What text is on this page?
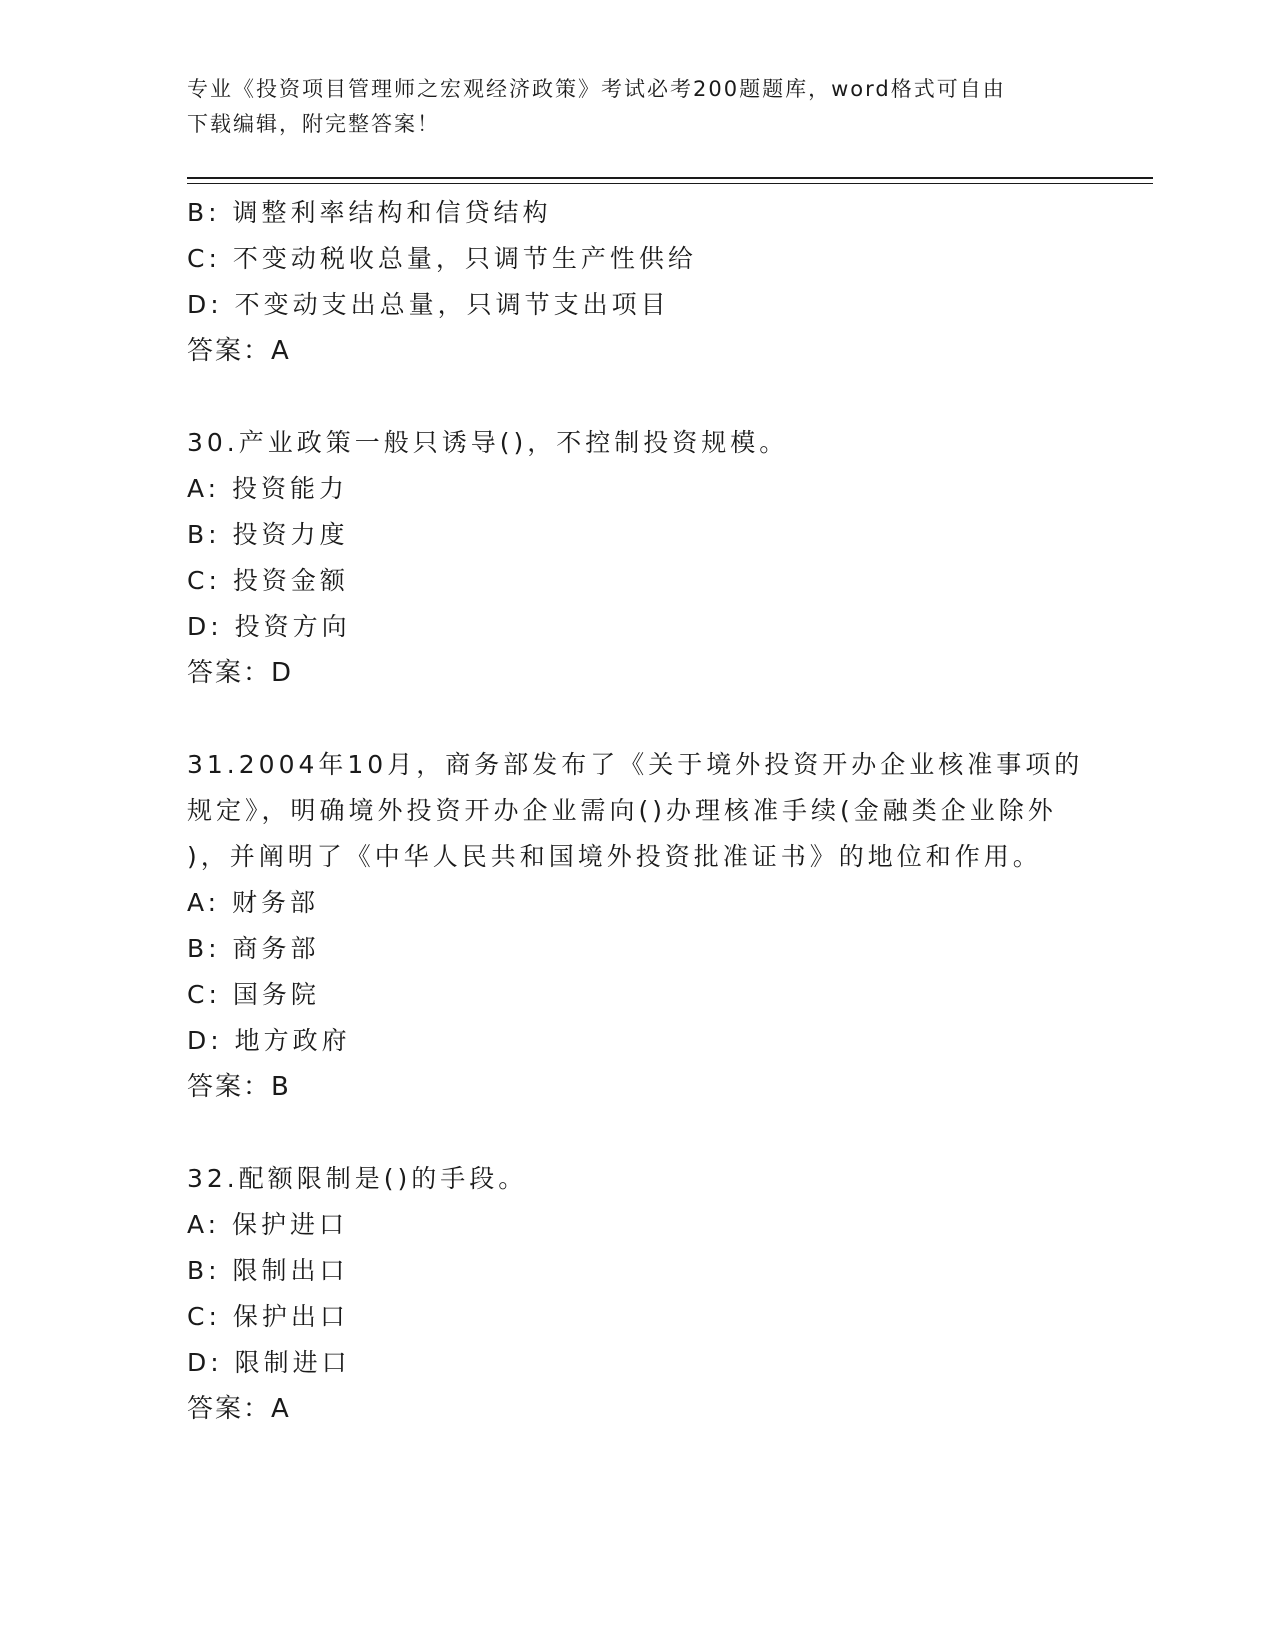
专业《投资项目管理师之宏观经济政策》考试必考200题题库，word格式可自由
下载编辑，附完整答案！
B: 调整利率结构和信贷结构
C: 不变动税收总量，只调节生产性供给
D: 不变动支出总量，只调节支出项目
答案：A
30.产业政策一般只诱导()，不控制投资规模。
A: 投资能力
B: 投资力度
C: 投资金额
D: 投资方向
答案：D
31.2004年10月，商务部发布了《关于境外投资开办企业核准事项的
规定》，明确境外投资开办企业需向()办理核准手续(金融类企业除外
)，并阐明了《中华人民共和国境外投资批准证书》的地位和作用。
A: 财务部
B: 商务部
C: 国务院
D: 地方政府
答案：B
32.配额限制是()的手段。
A: 保护进口
B: 限制出口
C: 保护出口
D: 限制进口
答案：A
